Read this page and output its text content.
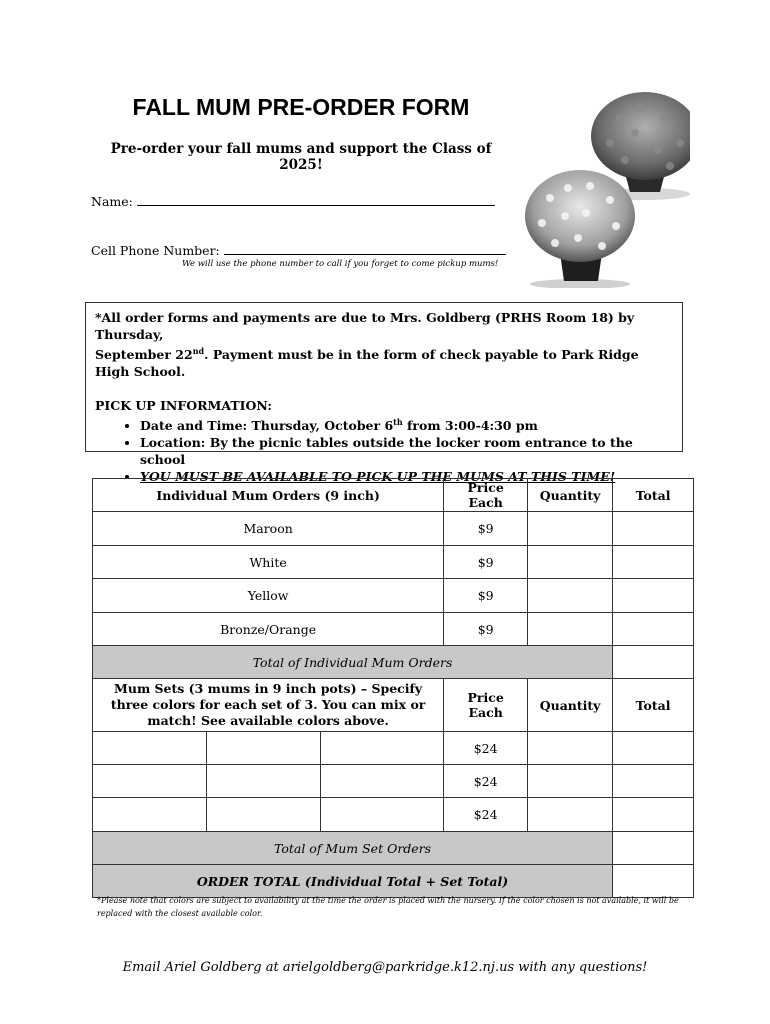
FALL MUM PRE-ORDER FORM
Pre-order your fall mums and support the Class of 2025!
Name:
Cell Phone Number:
We will use the phone number to call if you forget to come pickup mums!

*All order forms and payments are due to Mrs. Goldberg (PRHS Room 18) by Thursday,
September 22nd. Payment must be in the form of check payable to Park Ridge High School.

PICK UP INFORMATION:

• Date and Time: Thursday, October 6th from 3:00-4:30 pm
• Location: By the picnic tables outside the locker room entrance to the school
• YOU MUST BE AVAILABLE TO PICK UP THE MUMS AT THIS TIME!
Individual Mum Orders (9 inch)			Price Each	Quantity	Total
Maroon			$9		
White			$9		
Yellow			$9		
Bronze/Orange			$9		
Total of Individual Mum Orders					
Mum Sets (3 mums in 9 inch pots) – Specify three colors for each set of 3. You can mix or match! See available colors above.			Price Each	Quantity	Total
			$24		
			$24		
			$24		
Total of Mum Set Orders					
ORDER TOTAL (Individual Total + Set Total)					
*Please note that colors are subject to availability at the time the order is placed with the nursery. If the color chosen is not available, it will be replaced with the closest available color.
Email Ariel Goldberg at arielgoldberg@parkridge.k12.nj.us with any questions!
